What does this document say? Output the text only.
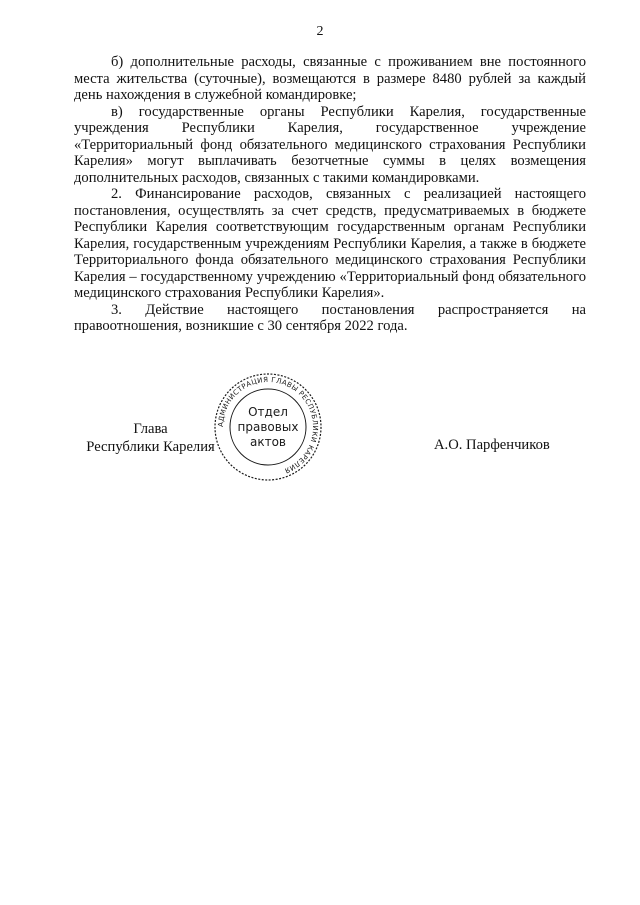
2

б) дополнительные расходы, связанные с проживанием вне постоянного места жительства (суточные), возмещаются в размере 8480 рублей за каждый день нахождения в служебной командировке;

в) государственные органы Республики Карелия, государственные учреждения Республики Карелия, государственное учреждение «Территориальный фонд обязательного медицинского страхования Республики Карелия» могут выплачивать безотчетные суммы в целях возмещения дополнительных расходов, связанных с такими командировками.

2. Финансирование расходов, связанных с реализацией настоящего постановления, осуществлять за счет средств, предусматриваемых в бюджете Республики Карелия соответствующим государственным органам Республики Карелия, государственным учреждениям Республики Карелия, а также в бюджете Территориального фонда обязательного медицинского страхования Республики Карелия – государственному учреждению «Территориальный фонд обязательного медицинского страхования Республики Карелия».

3. Действие настоящего постановления распространяется на правоотношения, возникшие с 30 сентября 2022 года.

Глава
Республики Карелия
АДМИНИСТРАЦИЯ ГЛАВЫ РЕСПУБЛИКИ КАРЕЛИЯ
Отдел
правовых
актов	А.О. Парфенчиков
